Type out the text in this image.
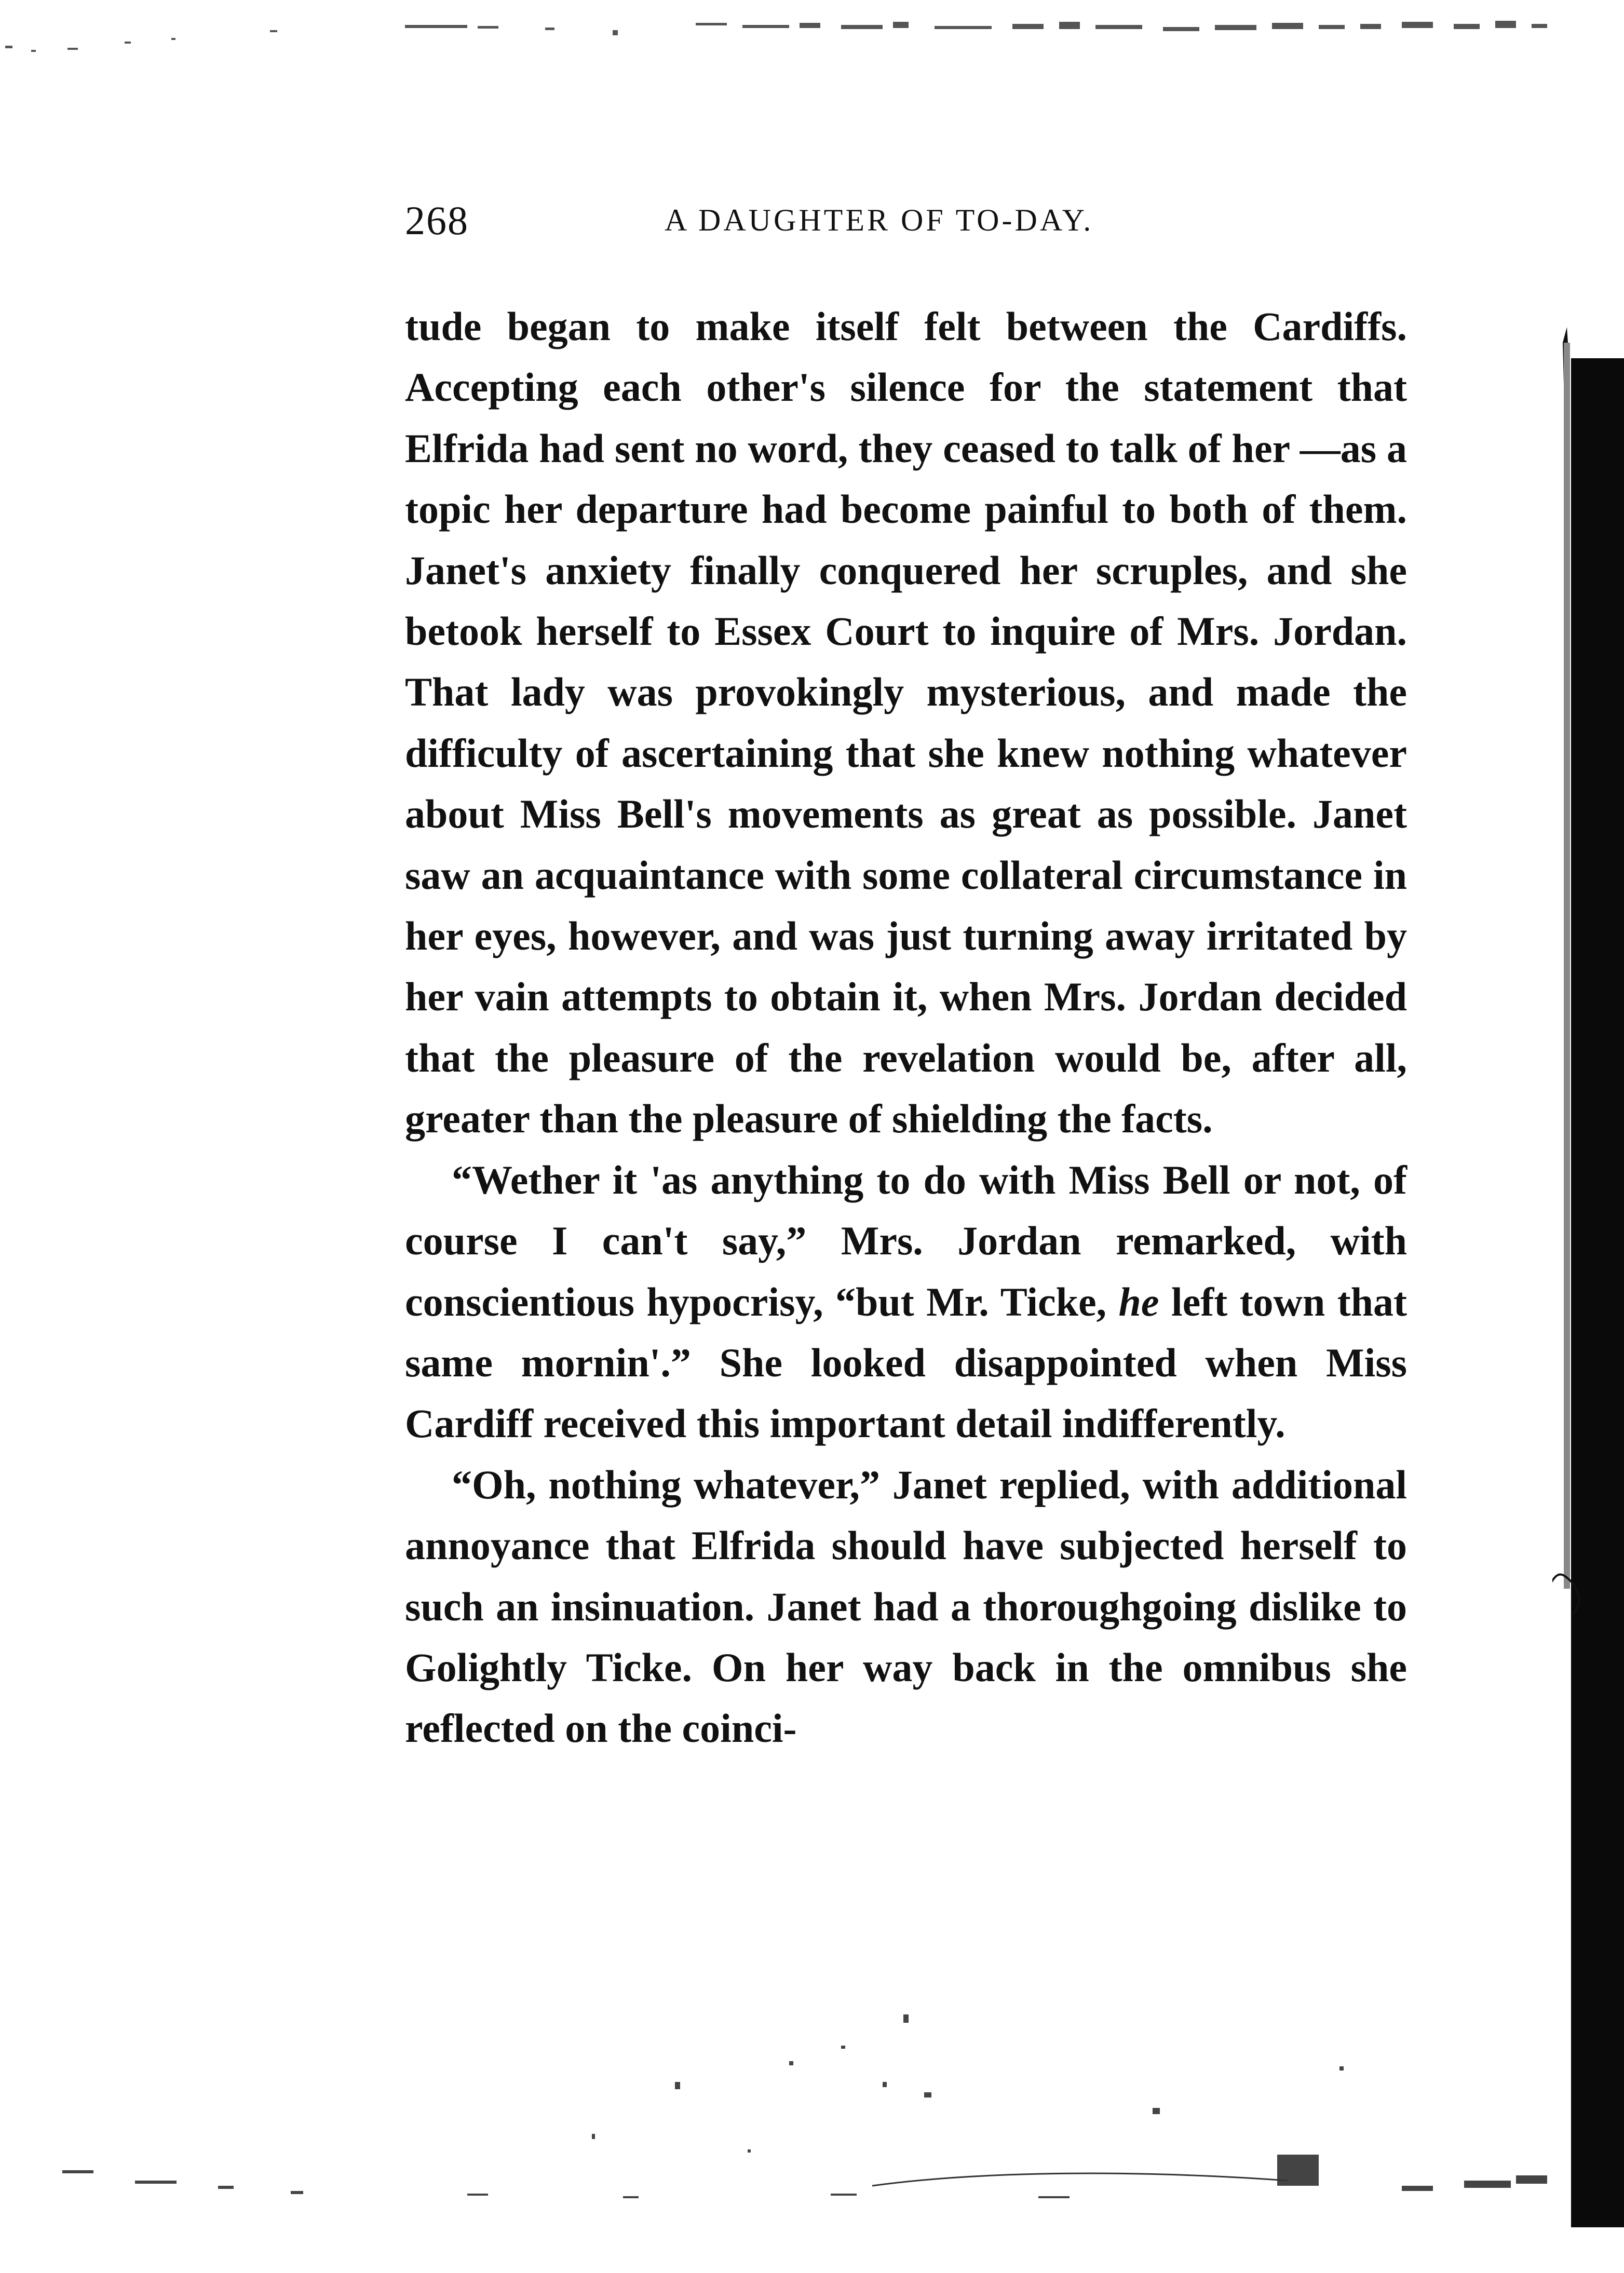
268	A DAUGHTER OF TO-DAY.

tude began to make itself felt between the Cardiffs. Accepting each other's silence for the statement that Elfrida had sent no word, they ceased to talk of her —as a topic her departure had become painful to both of them. Janet's anxiety finally conquered her scruples, and she betook herself to Essex Court to inquire of Mrs. Jordan. That lady was provokingly mysterious, and made the difficulty of ascertaining that she knew nothing whatever about Miss Bell's movements as great as possible. Janet saw an acquaintance with some collateral circumstance in her eyes, however, and was just turning away irritated by her vain attempts to obtain it, when Mrs. Jordan decided that the pleasure of the revelation would be, after all, greater than the pleasure of shielding the facts.

“Wether it 'as anything to do with Miss Bell or not, of course I can't say,” Mrs. Jordan remarked, with conscientious hypocrisy, “but Mr. Ticke, he left town that same mornin'.” She looked disappointed when Miss Cardiff received this important detail indifferently.

“Oh, nothing whatever,” Janet replied, with additional annoyance that Elfrida should have subjected herself to such an insinuation. Janet had a thoroughgoing dislike to Golightly Ticke. On her way back in the omnibus she reflected on the coinci-
